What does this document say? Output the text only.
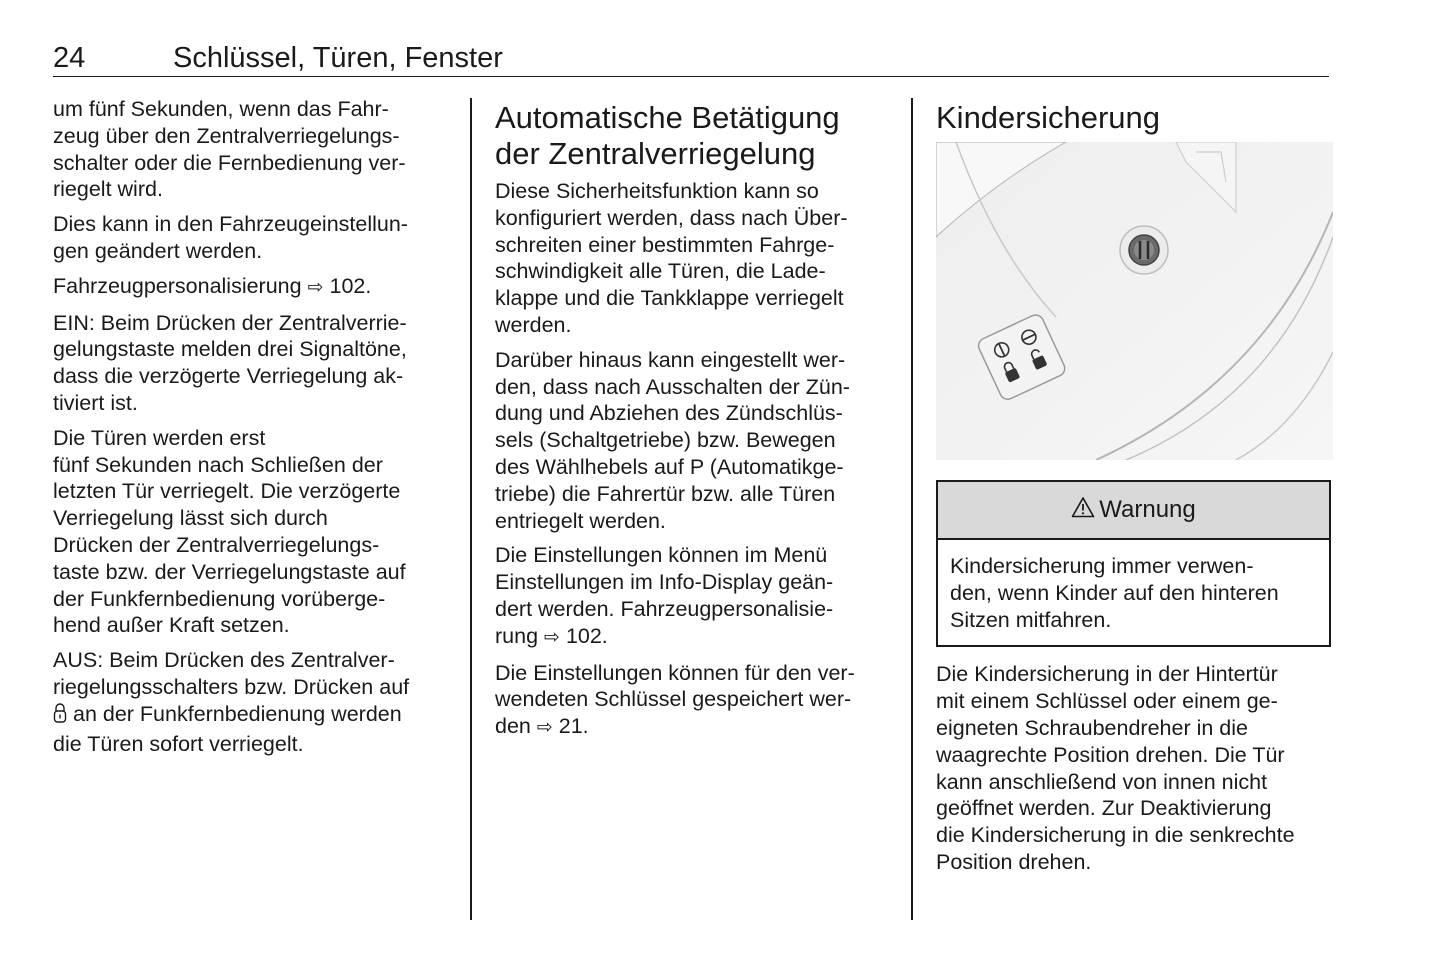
24	Schlüssel, Türen, Fenster

um fünf Sekunden, wenn das Fahr-
zeug über den Zentralverriegelungs-
schalter oder die Fernbedienung ver-
riegelt wird.

Dies kann in den Fahrzeugeinstellun-
gen geändert werden.

Fahrzeugpersonalisierung ⇨ 102.

EIN: Beim Drücken der Zentralverrie-
gelungstaste melden drei Signaltöne,
dass die verzögerte Verriegelung ak-
tiviert ist.

Die Türen werden erst
fünf Sekunden nach Schließen der
letzten Tür verriegelt. Die verzögerte
Verriegelung lässt sich durch
Drücken der Zentralverriegelungs-
taste bzw. der Verriegelungstaste auf
der Funkfernbedienung vorüberge-
hend außer Kraft setzen.

AUS: Beim Drücken des Zentralver-
riegelungsschalters bzw. Drücken auf
an der Funkfernbedienung werden
die Türen sofort verriegelt.

Automatische Betätigung
der Zentralverriegelung

Diese Sicherheitsfunktion kann so
konfiguriert werden, dass nach Über-
schreiten einer bestimmten Fahrge-
schwindigkeit alle Türen, die Lade-
klappe und die Tankklappe verriegelt
werden.

Darüber hinaus kann eingestellt wer-
den, dass nach Ausschalten der Zün-
dung und Abziehen des Zündschlüs-
sels (Schaltgetriebe) bzw. Bewegen
des Wählhebels auf P (Automatikge-
triebe) die Fahrertür bzw. alle Türen
entriegelt werden.

Die Einstellungen können im Menü
Einstellungen im Info-Display geän-
dert werden. Fahrzeugpersonalisie-
rung ⇨ 102.

Die Einstellungen können für den ver-
wendeten Schlüssel gespeichert wer-
den ⇨ 21.

Kindersicherung
Warnung
Kindersicherung immer verwen-
den, wenn Kinder auf den hinteren
Sitzen mitfahren.

Die Kindersicherung in der Hintertür
mit einem Schlüssel oder einem ge-
eigneten Schraubendreher in die
waagrechte Position drehen. Die Tür
kann anschließend von innen nicht
geöffnet werden. Zur Deaktivierung
die Kindersicherung in die senkrechte
Position drehen.
